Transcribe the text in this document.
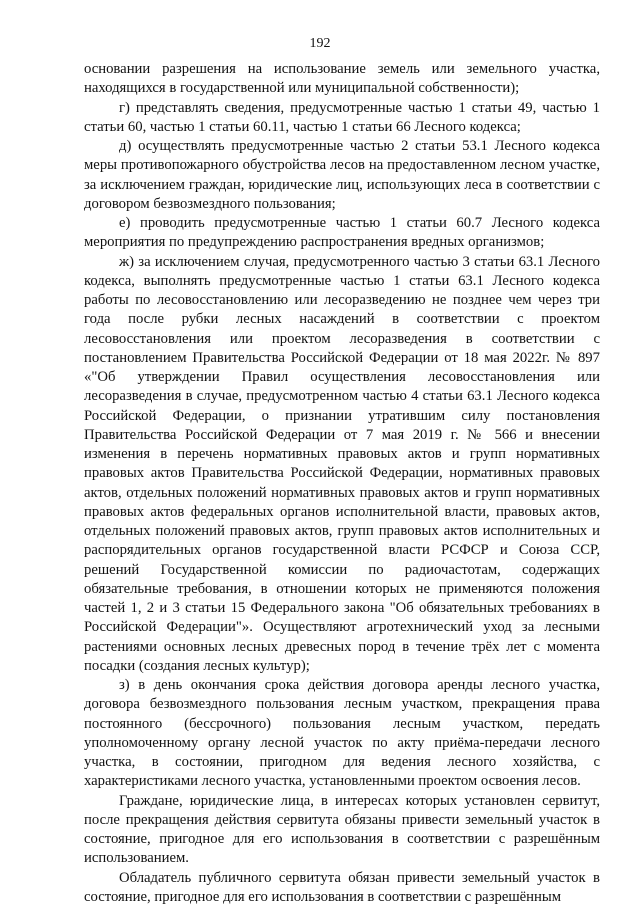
192

основании разрешения на использование земель или земельного участка, находящихся в государственной или муниципальной собственности);

г) представлять сведения, предусмотренные частью 1 статьи 49, частью 1 статьи 60, частью 1 статьи 60.11, частью 1 статьи 66 Лесного кодекса;

д) осуществлять предусмотренные частью 2 статьи 53.1 Лесного кодекса меры противопожарного обустройства лесов на предоставленном лесном участке, за исключением граждан, юридические лиц, использующих леса в соответствии с договором безвозмездного пользования;

е) проводить предусмотренные частью 1 статьи 60.7 Лесного кодекса мероприятия по предупреждению распространения вредных организмов;

ж) за исключением случая, предусмотренного частью 3 статьи 63.1 Лесного кодекса, выполнять предусмотренные частью 1 статьи 63.1 Лесного кодекса работы по лесовосстановлению или лесоразведению не позднее чем через три года после рубки лесных насаждений в соответствии с проектом лесовосстановления или проектом лесоразведения в соответствии с постановлением Правительства Российской Федерации от 18 мая 2022г. № 897 «"Об утверждении Правил осуществления лесовосстановления или лесоразведения в случае, предусмотренном частью 4 статьи 63.1 Лесного кодекса Российской Федерации, о признании утратившим силу постановления Правительства Российской Федерации от 7 мая 2019 г. № 566 и внесении изменения в перечень нормативных правовых актов и групп нормативных правовых актов Правительства Российской Федерации, нормативных правовых актов, отдельных положений нормативных правовых актов и групп нормативных правовых актов федеральных органов исполнительной власти, правовых актов, отдельных положений правовых актов, групп правовых актов исполнительных и распорядительных органов государственной власти РСФСР и Союза ССР, решений Государственной комиссии по радиочастотам, содержащих обязательные требования, в отношении которых не применяются положения частей 1, 2 и 3 статьи 15 Федерального закона "Об обязательных требованиях в Российской Федерации"». Осуществляют агротехнический уход за лесными растениями основных лесных древесных пород в течение трёх лет с момента посадки (создания лесных культур);

з) в день окончания срока действия договора аренды лесного участка, договора безвозмездного пользования лесным участком, прекращения права постоянного (бессрочного) пользования лесным участком, передать уполномоченному органу лесной участок по акту приёма-передачи лесного участка, в состоянии, пригодном для ведения лесного хозяйства, с характеристиками лесного участка, установленными проектом освоения лесов.

Граждане, юридические лица, в интересах которых установлен сервитут, после прекращения действия сервитута обязаны привести земельный участок в состояние, пригодное для его использования в соответствии с разрешённым использованием.

Обладатель публичного сервитута обязан привести земельный участок в состояние, пригодное для его использования в соответствии с разрешённым
